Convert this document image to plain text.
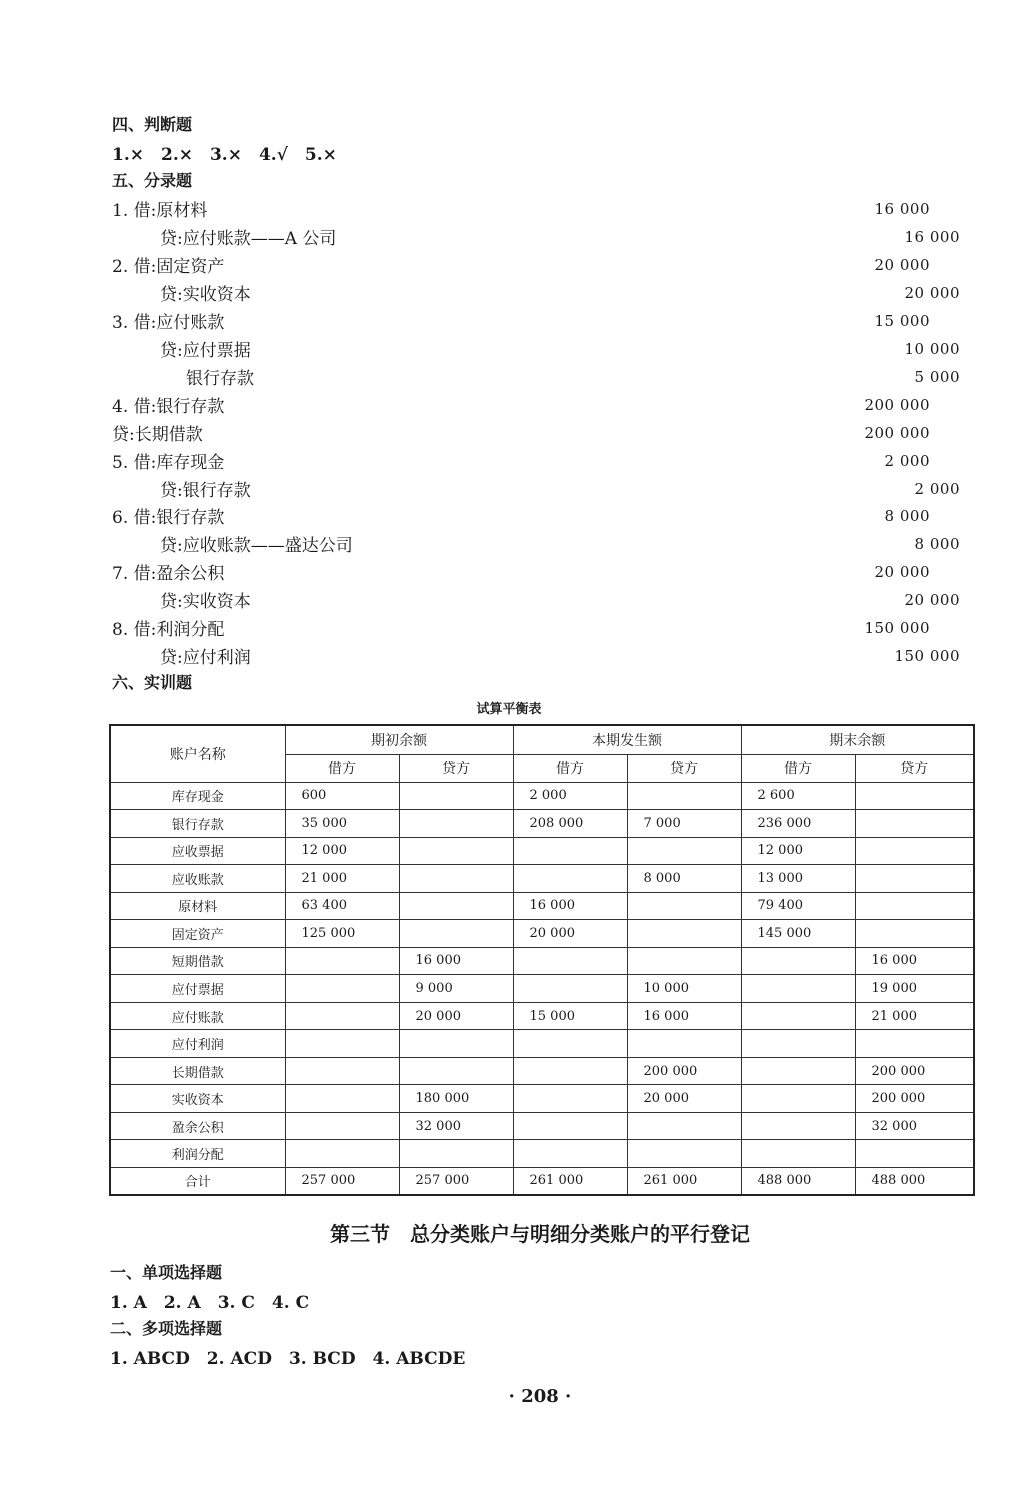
四、判断题
1.×　2.×　3.×　4.√　5.×
五、分录题
1. 借:原材料	16 000
贷:应付账款——A 公司	16 000
2. 借:固定资产	20 000
贷:实收资本	20 000
3. 借:应付账款	15 000
贷:应付票据	10 000
银行存款	5 000
4. 借:银行存款	200 000
贷:长期借款	200 000
5. 借:库存现金	2 000
贷:银行存款	2 000
6. 借:银行存款	8 000
贷:应收账款——盛达公司	8 000
7. 借:盈余公积	20 000
贷:实收资本	20 000
8. 借:利润分配	150 000
贷:应付利润	150 000
六、实训题
试算平衡表
账户名称	期初余额		本期发生额		期末余额	
	借方	贷方	借方	贷方	借方	贷方
库存现金	600		2 000		2 600	
银行存款	35 000		208 000	7 000	236 000	
应收票据	12 000				12 000	
应收账款	21 000			8 000	13 000	
原材料	63 400		16 000		79 400	
固定资产	125 000		20 000		145 000	
短期借款		16 000				16 000
应付票据		9 000		10 000		19 000
应付账款		20 000	15 000	16 000		21 000
应付利润						
长期借款				200 000		200 000
实收资本		180 000		20 000		200 000
盈余公积		32 000				32 000
利润分配						
合计	257 000	257 000	261 000	261 000	488 000	488 000
第三节　总分类账户与明细分类账户的平行登记
一、单项选择题
1. A　2. A　3. C　4. C
二、多项选择题
1. ABCD　2. ACD　3. BCD　4. ABCDE
· 208 ·
